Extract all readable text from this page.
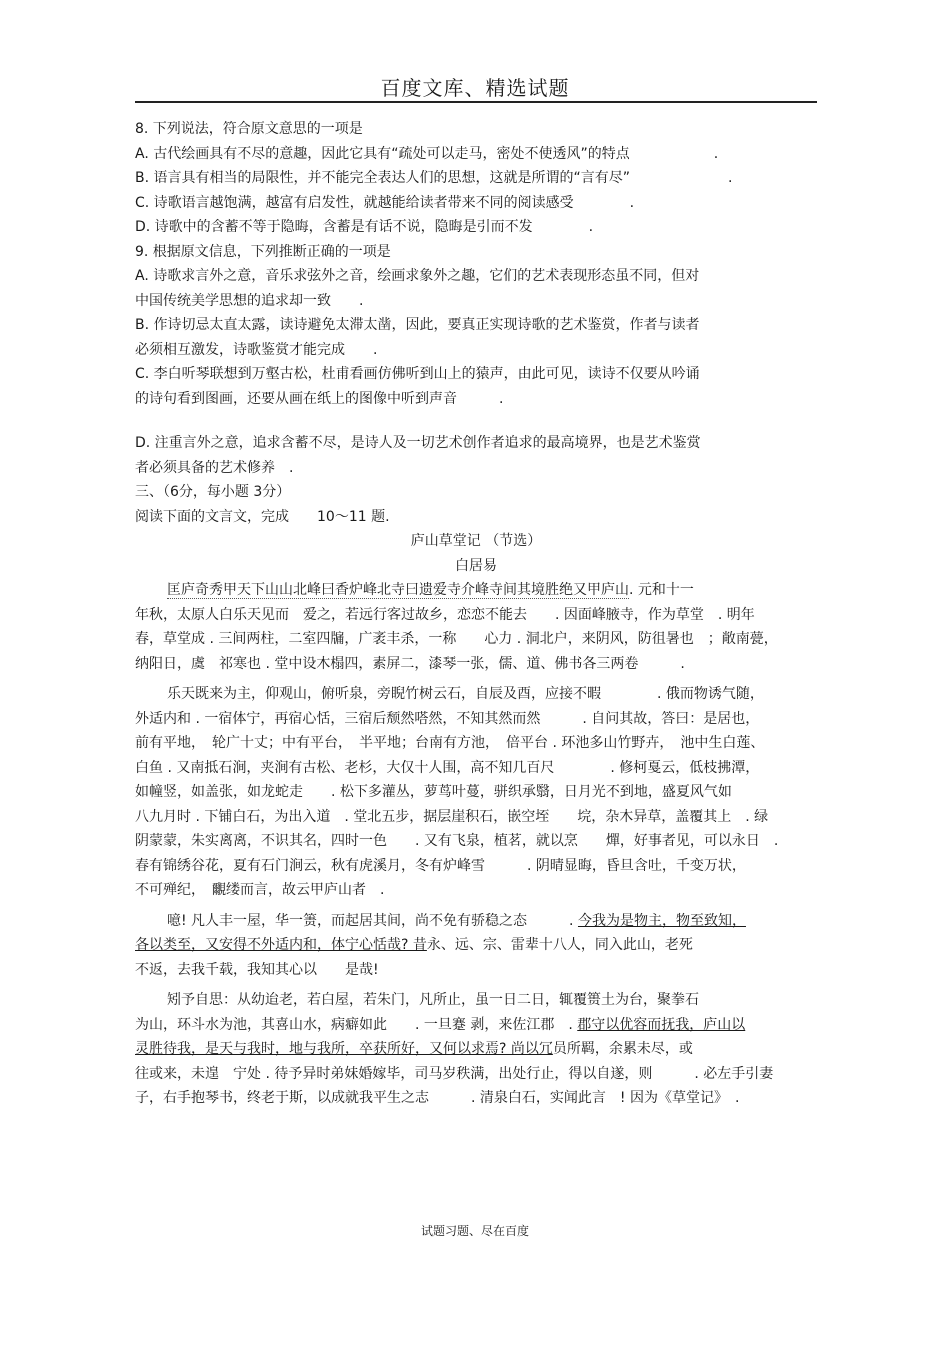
百度文库、精选试题
8. 下列说法，符合原文意思的一项是
A. 古代绘画具有不尽的意趣，因此它具有“疏处可以走马，密处不使透风”的特点　　　　　　.
B. 语言具有相当的局限性，并不能完全表达人们的思想，这就是所谓的“言有尽”　　　　　　　.
C. 诗歌语言越饱满，越富有启发性，就越能给读者带来不同的阅读感受　　　　.
D. 诗歌中的含蓄不等于隐晦，含蓄是有话不说，隐晦是引而不发　　　　.
9. 根据原文信息，下列推断正确的一项是
A. 诗歌求言外之意，音乐求弦外之音，绘画求象外之趣，它们的艺术表现形态虽不同，但对
中国传统美学思想的追求却一致　　.
B. 作诗切忌太直太露，读诗避免太滞太凿，因此，要真正实现诗歌的艺术鉴赏，作者与读者
必须相互激发，诗歌鉴赏才能完成　　.
C. 李白听琴联想到万壑古松，杜甫看画仿佛听到山上的猿声，由此可见，读诗不仅要从吟诵
的诗句看到图画，还要从画在纸上的图像中听到声音　　　.
D. 注重言外之意，追求含蓄不尽，是诗人及一切艺术创作者追求的最高境界，也是艺术鉴赏
者必须具备的艺术修养　.
三、（6分，每小题 3分）
阅读下面的文言文，完成　　10～11 题.
庐山草堂记 （节选）
白居易
匡庐奇秀甲天下山山北峰曰香炉峰北寺曰遗爱寺介峰寺间其境胜绝又甲庐山. 元和十一
年秋，太原人白乐天见而　爱之，若远行客过故乡，恋恋不能去　　. 因面峰腋寺，作为草堂　. 明年
春，草堂成 . 三间两柱，二室四牖，广袤丰杀，一称　　心力 . 洞北户，来阴风，防徂暑也　；敞南甍，
纳阳日，虞　祁寒也 . 堂中设木榻四，素屏二，漆琴一张，儒、道、佛书各三两卷　　　.
乐天既来为主，仰观山，俯听泉，旁睨竹树云石，自辰及酉，应接不暇　　　　. 俄而物诱气随，
外适内和 . 一宿体宁，再宿心恬，三宿后颓然嗒然，不知其然而然　　　. 自问其故，答曰：是居也，
前有平地，　轮广十丈；中有平台，　半平地；台南有方池，　倍平台 . 环池多山竹野卉，　池中生白莲、
白鱼 . 又南抵石涧，夹涧有古松、老杉，大仅十人围，高不知几百尺　　　　. 修柯戛云，低枝拂潭，
如幢竖，如盖张，如龙蛇走　　. 松下多灌丛，萝茑叶蔓，骈织承翳，日月光不到地，盛夏风气如
八九月时 . 下铺白石，为出入道　. 堂北五步，据层崖积石，嵌空垤　　垸，杂木异草，盖覆其上　. 绿
阴蒙蒙，朱实离离，不识其名，四时一色　　. 又有飞泉，植茗，就以烹　　燀，好事者见，可以永日　.
春有锦绣谷花，夏有石门涧云，秋有虎溪月，冬有炉峰雪　　　. 阴晴显晦，昏旦含吐，千变万状，
不可殚纪，　覼缕而言，故云甲庐山者　.
噫! 凡人丰一屋，华一箦，而起居其间，尚不免有骄稳之态　　　. 今我为是物主，物至致知，
各以类至，又安得不外适内和，体宁心恬哉? 昔永、远、宗、雷辈十八人，同入此山，老死
不返，去我千载，我知其心以　　是哉!
矧予自思：从幼迨老，若白屋，若朱门，凡所止，虽一日二日，辄覆篑土为台，聚拳石
为山，环斗水为池，其喜山水，病癖如此　　. 一旦蹇 剥，来佐江郡　. 郡守以优容而抚我，庐山以
灵胜待我，是天与我时，地与我所，卒获所好，又何以求焉? 尚以冗员所羁，余累未尽，或
往或来，未遑　宁处 . 待予异时弟妹婚嫁毕，司马岁秩满，出处行止，得以自遂，则　　　. 必左手引妻
子，右手抱琴书，终老于斯，以成就我平生之志　　　. 清泉白石，实闻此言　! 因为《草堂记》　.
试题习题、尽在百度
